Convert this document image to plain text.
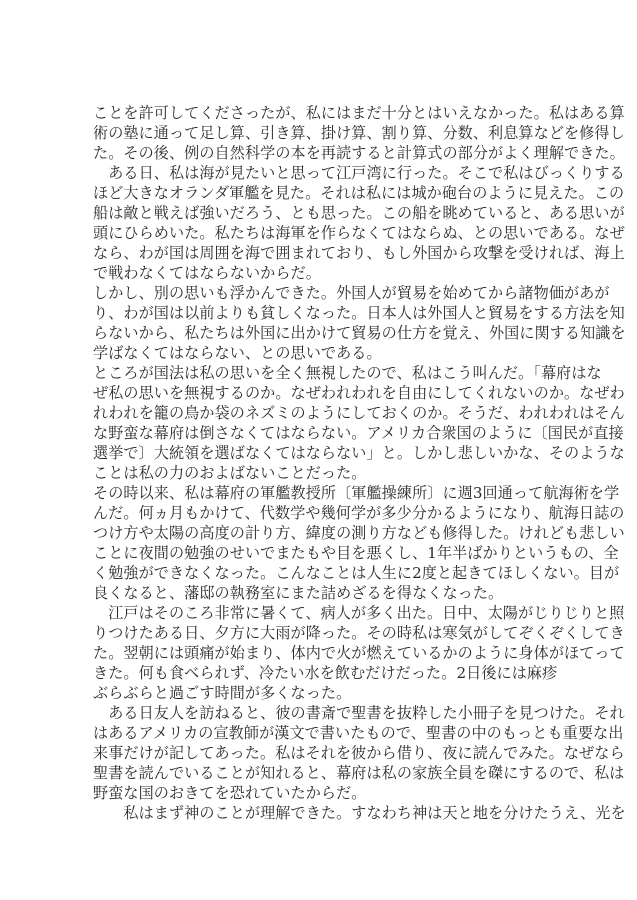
ことを許可してくださったが、私にはまだ十分とはいえなかった。私はある算
術の塾に通って足し算、引き算、掛け算、割り算、分数、利息算などを修得し
た。その後、例の自然科学の本を再読すると計算式の部分がよく理解できた。
　ある日、私は海が見たいと思って江戸湾に行った。そこで私はびっくりする
ほど大きなオランダ軍艦を見た。それは私には城か砲台のように見えた。この
船は敵と戦えば強いだろう、とも思った。この船を眺めていると、ある思いが
頭にひらめいた。私たちは海軍を作らなくてはならぬ、との思いである。なぜ
なら、わが国は周囲を海で囲まれており、もし外国から攻撃を受ければ、海上
で戦わなくてはならないからだ。
しかし、別の思いも浮かんできた。外国人が貿易を始めてから諸物価があが
り、わが国は以前よりも貧しくなった。日本人は外国人と貿易をする方法を知
らないから、私たちは外国に出かけて貿易の仕方を覚え、外国に関する知識を
学ばなくてはならない、との思いである。
ところが国法は私の思いを全く無視したので、私はこう叫んだ。「幕府はな
ぜ私の思いを無視するのか。なぜわれわれを自由にしてくれないのか。なぜわ
れわれを籠の鳥か袋のネズミのようにしておくのか。そうだ、われわれはそん
な野蛮な幕府は倒さなくてはならない。アメリカ合衆国のように〔国民が直接
選挙で〕大統領を選ばなくてはならない」と。しかし悲しいかな、そのような
ことは私の力のおよばないことだった。
その時以来、私は幕府の軍艦教授所〔軍艦操練所〕に週3回通って航海術を学
んだ。何ヵ月もかけて、代数学や幾何学が多少分かるようになり、航海日誌の
つけ方や太陽の高度の計り方、緯度の測り方なども修得した。けれども悲しい
ことに夜間の勉強のせいでまたもや目を悪くし、1年半ばかりというもの、全
く勉強ができなくなった。こんなことは人生に2度と起きてほしくない。目が
良くなると、藩邸の執務室にまた詰めざるを得なくなった。
　江戸はそのころ非常に暑くて、病人が多く出た。日中、太陽がじりじりと照
りつけたある日、夕方に大雨が降った。その時私は寒気がしてぞくぞくしてき
た。翌朝には頭痛が始まり、体内で火が燃えているかのように身体がほてって
きた。何も食べられず、冷たい水を飲むだけだった。2日後には麻疹
ぶらぶらと過ごす時間が多くなった。
　ある日友人を訪ねると、彼の書斎で聖書を抜粋した小冊子を見つけた。それ
はあるアメリカの宣教師が漢文で書いたもので、聖書の中のもっとも重要な出
来事だけが記してあった。私はそれを彼から借り、夜に読んでみた。なぜなら
聖書を読んでいることが知れると、幕府は私の家族全員を磔にするので、私は
野蛮な国のおきてを恐れていたからだ。
　　私はまず神のことが理解できた。すなわち神は天と地を分けたうえ、光を
